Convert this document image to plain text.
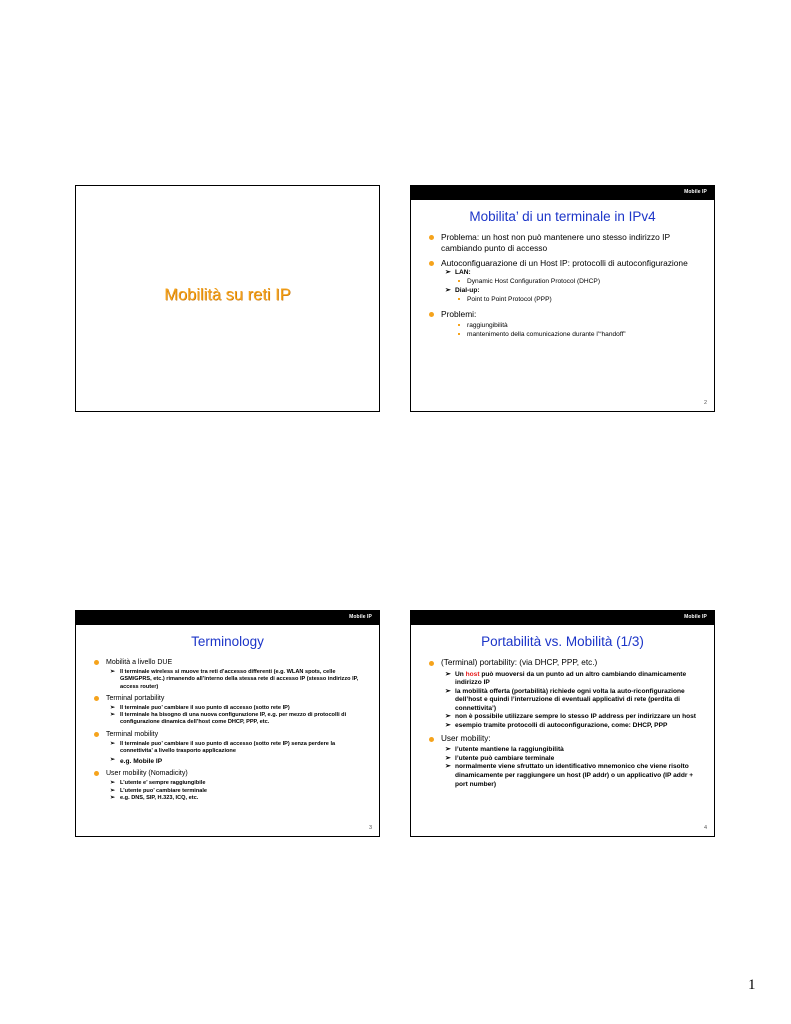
Mobilità su reti IP
Mobile IP
Mobilita’ di un terminale in IPv4
Problema: un host non può mantenere uno stesso indirizzo IP cambiando punto di accesso
Autoconfiguarazione di un Host IP: protocolli di autoconfigurazione
➢ LAN:
Dynamic Host Configuration Protocol (DHCP)
➢ Dial-up:
Point to Point Protocol (PPP)
Problemi:
raggiungibilità
mantenimento della comunicazione durante l’“handoff”
2
Mobile IP
Terminology
Mobilità a livello DUE
➢ Il terminale wireless si muove tra reti d’accesso differenti (e.g. WLAN spots, celle GSM/GPRS, etc.) rimanendo all’interno della stessa rete di accesso IP (stesso indirizzo IP, access router)
Terminal portability
➢ Il terminale puo’ cambiare il suo punto di accesso (sotto rete IP)
➢ Il terminale ha bisogno di una nuova configurazione IP, e.g. per mezzo di protocolli di configurazione dinamica dell’host come DHCP, PPP, etc.
Terminal mobility
➢ Il terminale puo’ cambiare il suo punto di accesso (sotto rete IP) senza perdere la connettivita’ a livello trasporto applicazione
➢ e.g. Mobile IP
User mobility (Nomadicity)
➢ L’utente e’ sempre raggiungibile
➢ L’utente puo’ cambiare terminale
➢ e.g. DNS, SIP, H.323, ICQ, etc.
3
Mobile IP
Portabilità vs. Mobilità (1/3)
(Terminal) portability: (via DHCP, PPP, etc.)
➢ Un host può muoversi da un punto ad un altro cambiando dinamicamente indirizzo IP
➢ la mobilità offerta (portabilità) richiede ogni volta la auto-riconfigurazione dell’host e quindi l’interruzione di eventuali applicativi di rete (perdita di connettivita’)
➢ non è possibile utilizzare sempre lo stesso IP address per indirizzare un host
➢ esempio tramite protocolli di autoconfigurazione, come: DHCP, PPP
User mobility:
➢ l’utente mantiene la raggiungibilità
➢ l’utente può cambiare terminale
➢ normalmente viene sfruttato un identificativo mnemonico che viene risolto dinamicamente per raggiungere un host (IP addr) o un applicativo (IP addr + port number)
4
1
